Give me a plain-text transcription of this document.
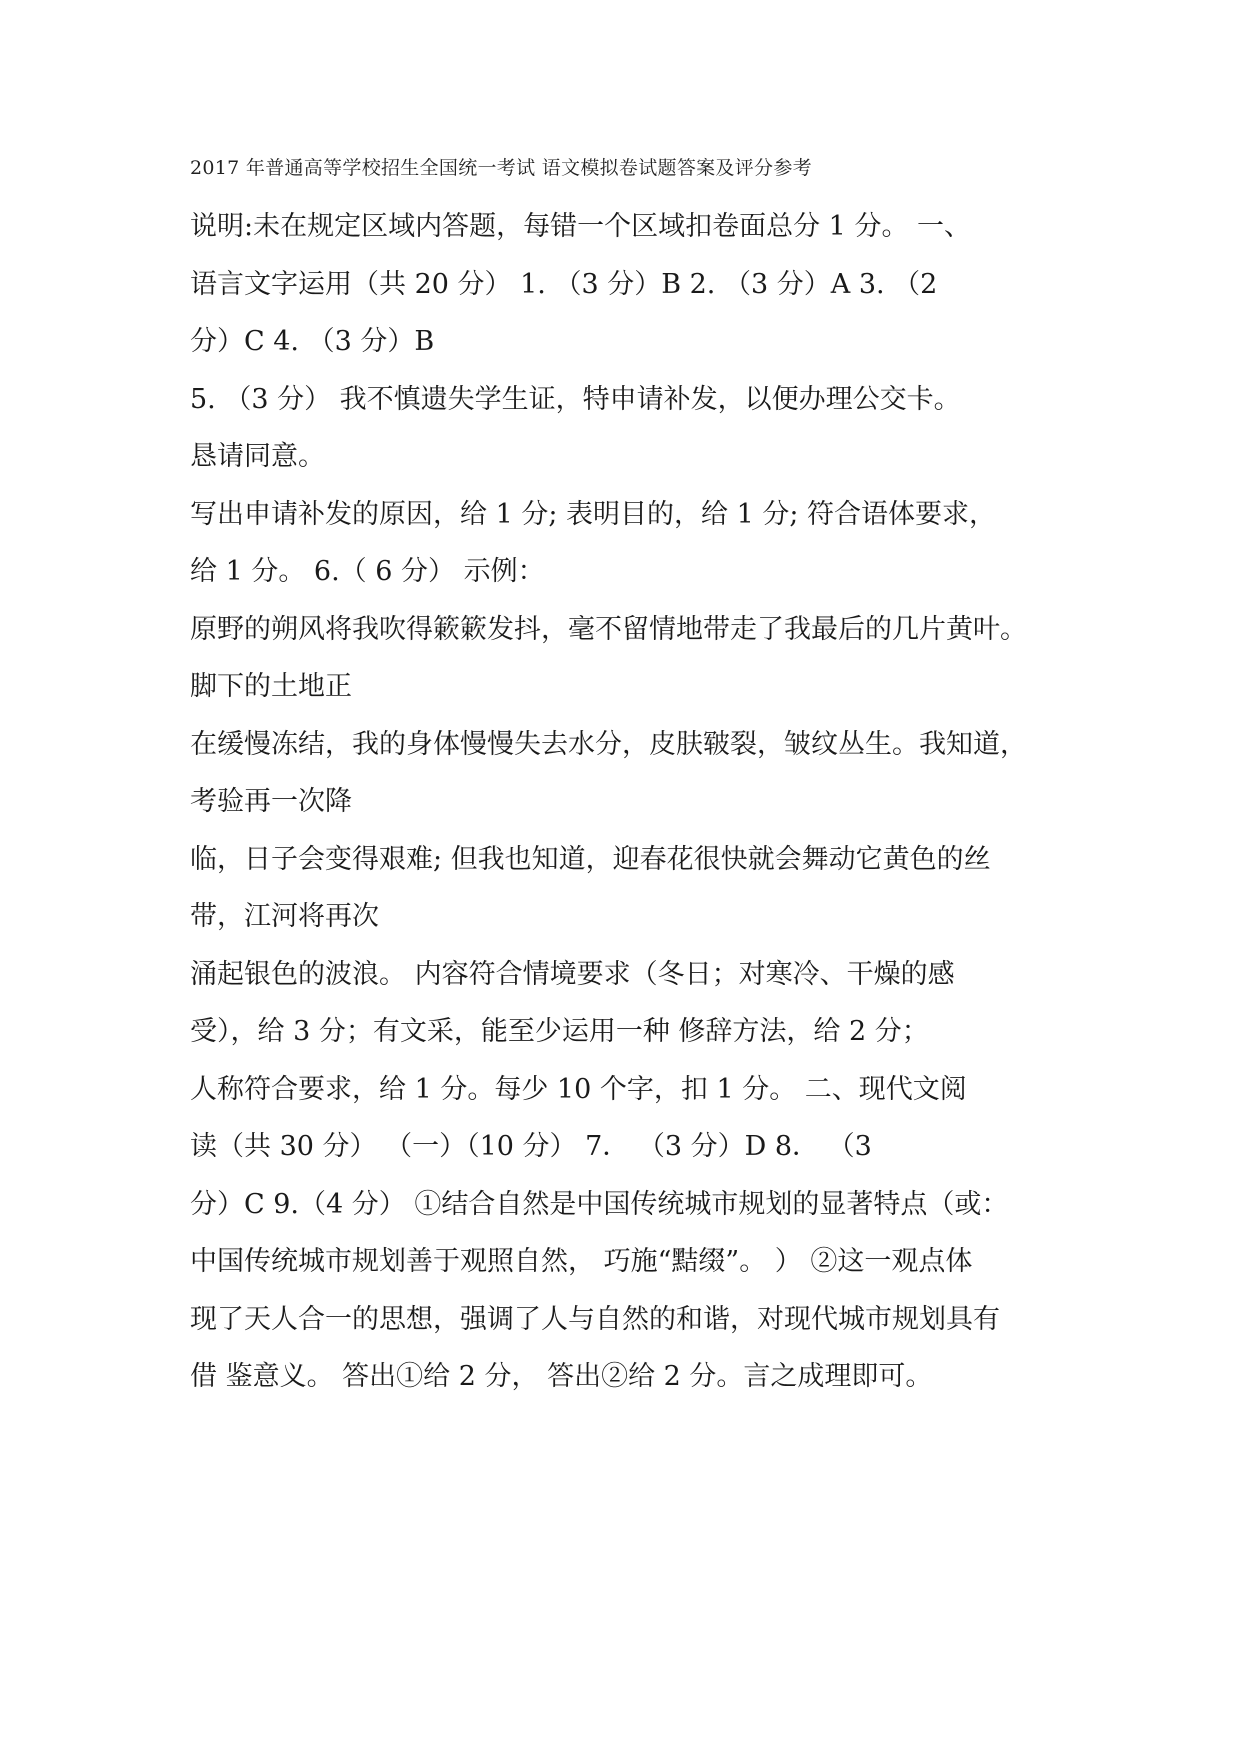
2017 年普通高等学校招生全国统一考试 语文模拟卷试题答案及评分参考
说明:未在规定区域内答题，每错一个区域扣卷面总分 1 分。 一、
语言文字运用（共 20 分） 1. （3 分）B 2. （3 分）A 3. （2
分）C 4. （3 分）B
5. （3 分） 我不慎遗失学生证，特申请补发，以便办理公交卡。
恳请同意。
写出申请补发的原因，给 1 分; 表明目的，给 1 分; 符合语体要求，
给 1 分。 6.（ 6 分） 示例：
原野的朔风将我吹得簌簌发抖，毫不留情地带走了我最后的几片黄叶。
脚下的土地正
在缓慢冻结，我的身体慢慢失去水分，皮肤皲裂，皱纹丛生。我知道，
考验再一次降
临，日子会变得艰难; 但我也知道，迎春花很快就会舞动它黄色的丝
带，江河将再次
涌起银色的波浪。 内容符合情境要求（冬日；对寒冷、干燥的感
受），给 3 分；有文采，能至少运用一种 修辞方法，给 2 分；
人称符合要求，给 1 分。每少 10 个字，扣 1 分。 二、现代文阅
读（共 30 分） （一）（10 分） 7． （3 分）D 8． （3
分）C 9.（4 分） ①结合自然是中国传统城市规划的显著特点（或：
中国传统城市规划善于观照自然， 巧施“黠缀”。 ） ②这一观点体
现了天人合一的思想，强调了人与自然的和谐，对现代城市规划具有
借 鉴意义。 答出①给 2 分， 答出②给 2 分。言之成理即可。
